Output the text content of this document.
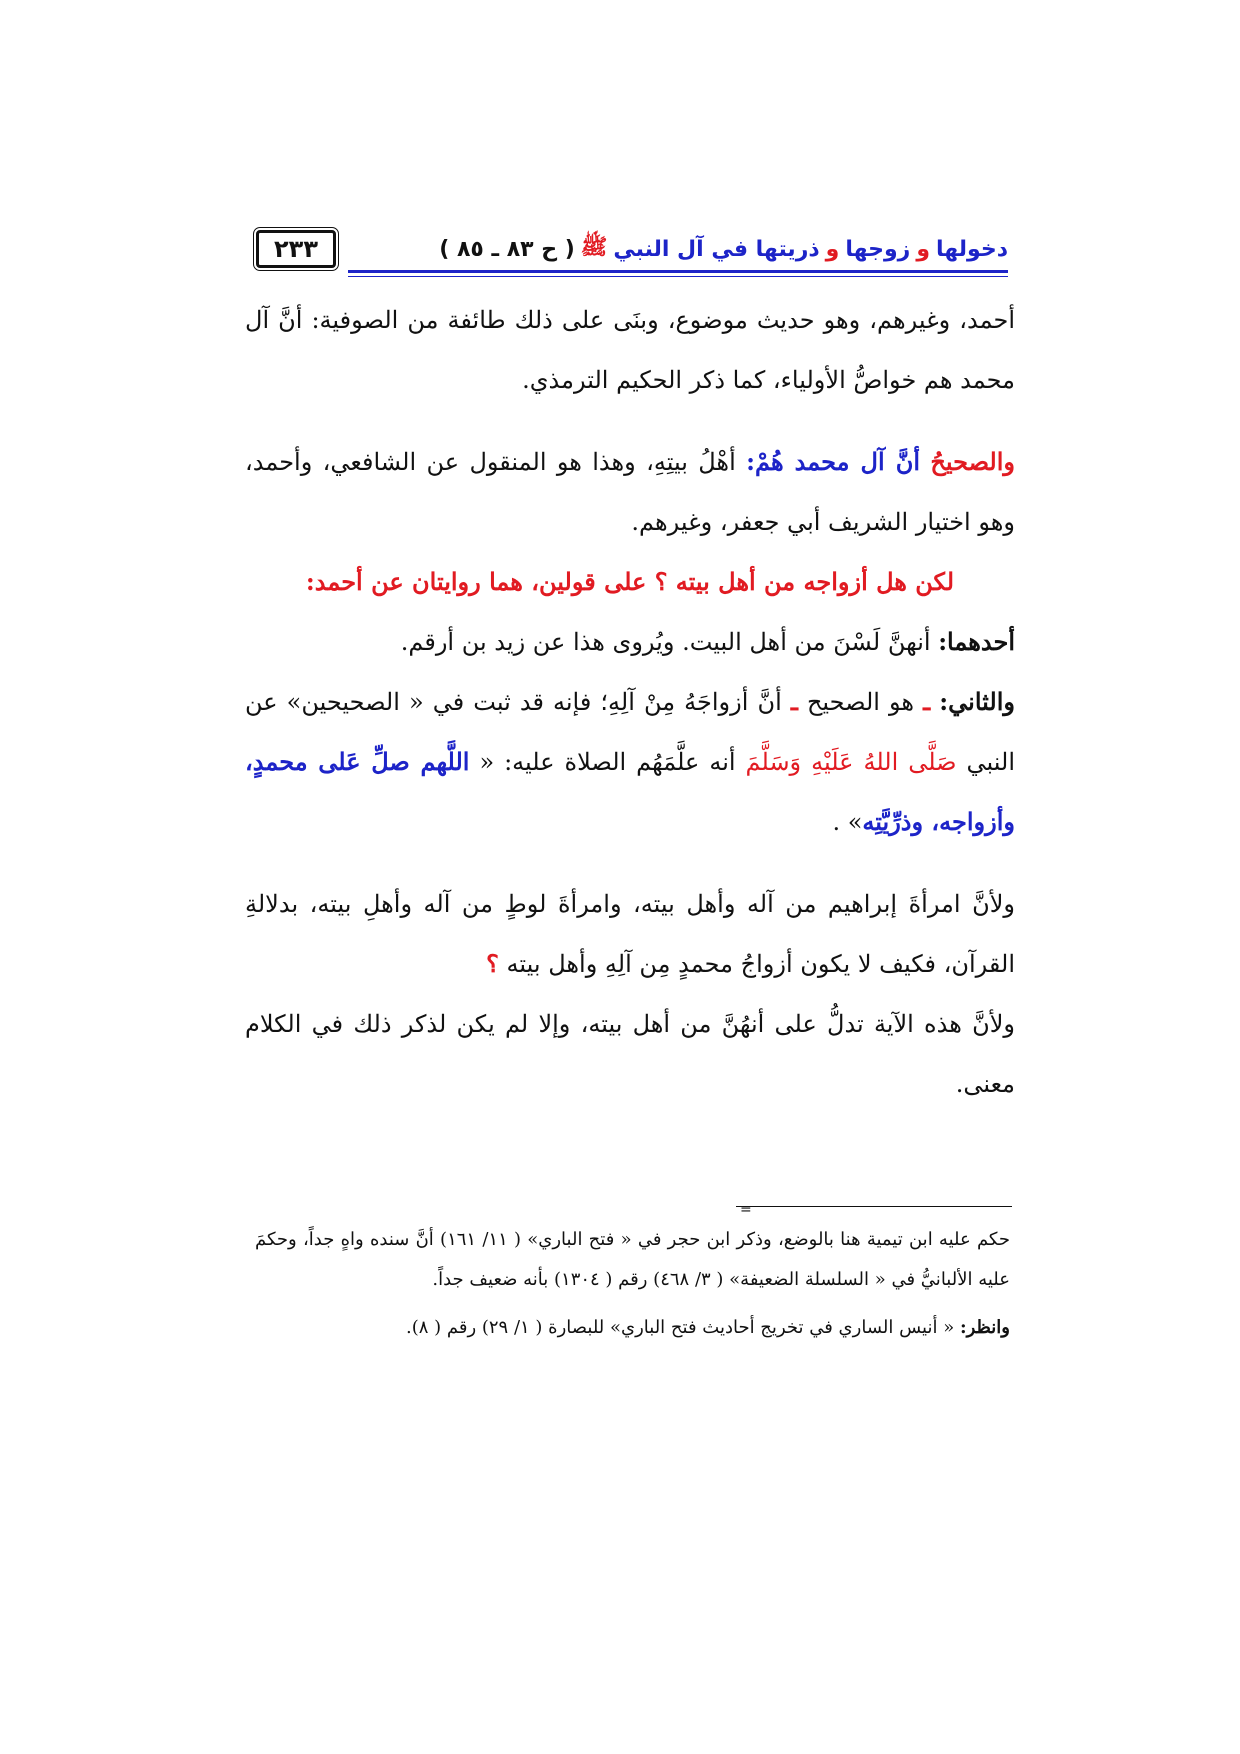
٢٣٣	دخولها
و
زوجها
و
ذريتها في آل النبي
ﷺ
( ح ٨٣ ـ ٨٥ )

أحمد، وغيرهم، وهو حديث موضوع، وبنَى على ذلك طائفة من الصوفية: أنَّ آل محمد هم خواصُّ الأولياء، كما ذكر الحكيم الترمذي.

والصحيحُ أنَّ آل محمد هُمْ: أهْلُ بيتِهِ، وهذا هو المنقول عن الشافعي، وأحمد، وهو اختيار الشريف أبي جعفر، وغيرهم.

لكن هل أزواجه من أهل بيته ؟ على قولين، هما روايتان عن أحمد:

أحدهما: أنهنَّ لَسْنَ من أهل البيت. ويُروى هذا عن زيد بن أرقم.

والثاني: ـ هو الصحيح ـ أنَّ أزواجَهُ مِنْ آلِهِ؛ فإنه قد ثبت في « الصحيحين» عن النبي صَلَّى اللهُ عَلَيْهِ وَسَلَّمَ أنه علَّمَهُم الصلاة عليه: « اللَّهم صلِّ عَلى محمدٍ، وأزواجه، وذرِّيَّتِه» .

ولأنَّ امرأةَ إبراهيم من آله وأهل بيته، وامرأةَ لوطٍ من آله وأهلِ بيته، بدلالةِ القرآن، فكيف لا يكون أزواجُ محمدٍ مِن آلِهِ وأهل بيته ؟

ولأنَّ هذه الآية تدلُّ على أنهُنَّ من أهل بيته، وإلا لم يكن لذكر ذلك في الكلام معنى.

=

حكم عليه ابن تيمية هنا بالوضع، وذكر ابن حجر في « فتح الباري» ( ١١/ ١٦١) أنَّ سنده واهٍ جداً، وحكمَ عليه الألبانيُّ في « السلسلة الضعيفة» ( ٣/ ٤٦٨) رقم ( ١٣٠٤) بأنه ضعيف جداً.

وانظر: « أنيس الساري في تخريج أحاديث فتح الباري» للبصارة ( ١/ ٢٩) رقم ( ٨).
